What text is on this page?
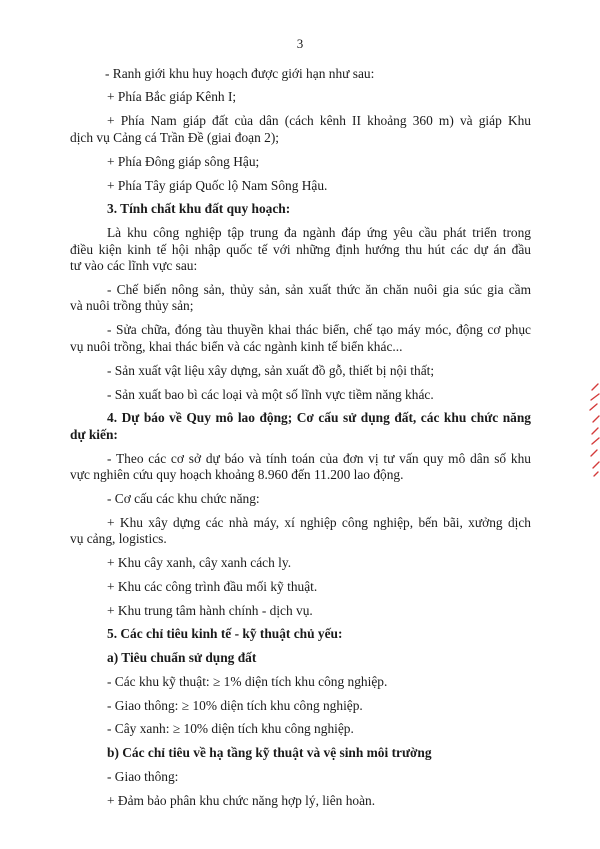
3
- Ranh giới khu huy hoạch được giới hạn như sau:
+ Phía Bắc giáp Kênh I;
+ Phía Nam giáp đất của dân (cách kênh II khoảng 360 m) và giáp Khu
dịch vụ Cảng cá Trần Đề (giai đoạn 2);
+ Phía Đông giáp sông Hậu;
+ Phía Tây giáp Quốc lộ Nam Sông Hậu.
3. Tính chất khu đất quy hoạch:
Là khu công nghiệp tập trung đa ngành đáp ứng yêu cầu phát triển trong
điều kiện kinh tế hội nhập quốc tế với những định hướng thu hút các dự án đầu
tư vào các lĩnh vực sau:
- Chế biến nông sản, thủy sản, sản xuất thức ăn chăn nuôi gia súc gia cầm
và nuôi trồng thủy sản;
- Sửa chữa, đóng tàu thuyền khai thác biển, chế tạo máy móc, động cơ phục
vụ nuôi trồng, khai thác biển và các ngành kinh tế biển khác...
- Sản xuất vật liệu xây dựng, sản xuất đồ gỗ, thiết bị nội thất;
- Sản xuất bao bì các loại và một số lĩnh vực tiềm năng khác.
4. Dự báo về Quy mô lao động; Cơ cấu sử dụng đất, các khu chức năng
dự kiến:
- Theo các cơ sở dự báo và tính toán của đơn vị tư vấn quy mô dân số khu
vực nghiên cứu quy hoạch khoảng 8.960 đến 11.200 lao động.
- Cơ cấu các khu chức năng:
+ Khu xây dựng các nhà máy, xí nghiệp công nghiệp, bến bãi, xưởng dịch
vụ cảng, logistics.
+ Khu cây xanh, cây xanh cách ly.
+ Khu các công trình đầu mối kỹ thuật.
+ Khu trung tâm hành chính - dịch vụ.
5. Các chỉ tiêu kinh tế - kỹ thuật chủ yếu:
a) Tiêu chuẩn sử dụng đất
- Các khu kỹ thuật: ≥ 1% diện tích khu công nghiệp.
- Giao thông: ≥ 10% diện tích khu công nghiệp.
- Cây xanh: ≥ 10% diện tích khu công nghiệp.
b) Các chỉ tiêu về hạ tầng kỹ thuật và vệ sinh môi trường
- Giao thông:
+ Đảm bảo phân khu chức năng hợp lý, liên hoàn.
